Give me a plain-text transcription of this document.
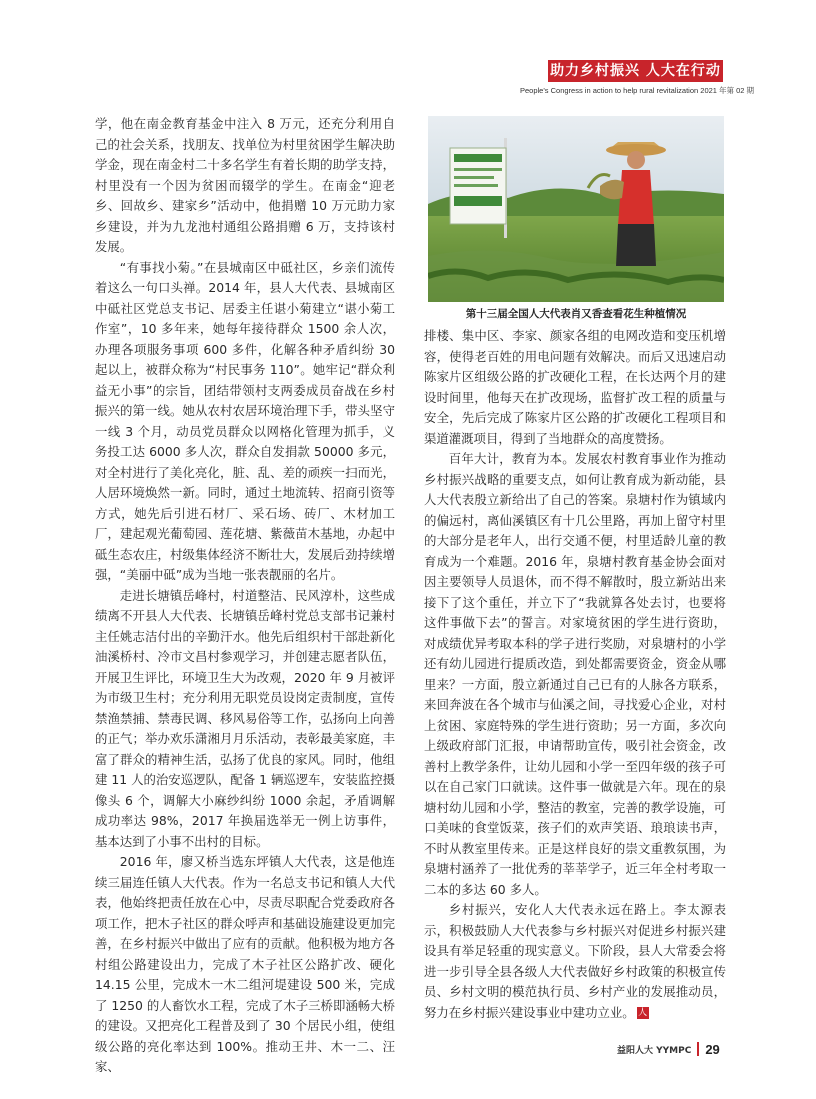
助力乡村振兴 人大在行动
People's Congress in action to help rural revitalization 2021 年第 02 期

学，他在南金教育基金中注入 8 万元，还充分利用自己的社会关系，找朋友、找单位为村里贫困学生解决助学金，现在南金村二十多名学生有着长期的助学支持，村里没有一个因为贫困而辍学的学生。在南金“迎老乡、回故乡、建家乡”活动中，他捐赠 10 万元助力家乡建设，并为九龙池村通组公路捐赠 6 万，支持该村发展。

“有事找小菊。”在县城南区中砥社区，乡亲们流传着这么一句口头禅。2014 年，县人大代表、县城南区中砥社区党总支书记、居委主任谌小菊建立“谌小菊工作室”，10 多年来，她每年接待群众 1500 余人次，办理各项服务事项 600 多件，化解各种矛盾纠纷 30 起以上，被群众称为“村民事务 110”。她牢记“群众利益无小事”的宗旨，团结带领村支两委成员奋战在乡村振兴的第一线。她从农村农居环境治理下手，带头坚守一线 3 个月，动员党员群众以网格化管理为抓手，义务投工达 6000 多人次，群众自发捐款 50000 多元，对全村进行了美化亮化，脏、乱、差的顽疾一扫而光，人居环境焕然一新。同时，通过土地流转、招商引资等方式，她先后引进石材厂、采石场、砖厂、木材加工厂，建起观光葡萄园、莲花塘、紫薇苗木基地，办起中砥生态农庄，村级集体经济不断壮大，发展后劲持续增强，“美丽中砥”成为当地一张表靓丽的名片。

走进长塘镇岳峰村，村道整洁、民风淳朴，这些成绩离不开县人大代表、长塘镇岳峰村党总支部书记兼村主任姚志洁付出的辛勤汗水。他先后组织村干部赴新化油溪桥村、冷市文昌村参观学习，并创建志愿者队伍，开展卫生评比，环境卫生大为改观，2020 年 9 月被评为市级卫生村；充分利用无职党员设岗定责制度，宣传禁渔禁捕、禁毒民调、移风易俗等工作，弘扬向上向善的正气；举办欢乐潇湘月月乐活动，表彰最美家庭，丰富了群众的精神生活，弘扬了优良的家风。同时，他组建 11 人的治安巡逻队，配备 1 辆巡逻车，安装监控摄像头 6 个，调解大小麻纱纠纷 1000 余起，矛盾调解成功率达 98%，2017 年换届选举无一例上访事件，基本达到了小事不出村的目标。

2016 年，廖又桥当选东坪镇人大代表，这是他连续三届连任镇人大代表。作为一名总支书记和镇人大代表，他始终把责任放在心中，尽责尽职配合党委政府各项工作，把木子社区的群众呼声和基础设施建设更加完善，在乡村振兴中做出了应有的贡献。他积极为地方各村组公路建设出力，完成了木子社区公路扩改、硬化 14.15 公里，完成木一木二组河堤建设 500 米，完成了 1250 的人畜饮水工程，完成了木子三桥即涵畅大桥的建设。又把亮化工程普及到了 30 个居民小组，使组级公路的亮化率达到 100%。推动王井、木一二、汪家、

第十三届全国人大代表肖又香查看花生种植情况

排楼、集中区、李家、颜家各组的电网改造和变压机增容，使得老百姓的用电问题有效解决。而后又迅速启动陈家片区组级公路的扩改硬化工程，在长达两个月的建设时间里，他每天在扩改现场，监督扩改工程的质量与安全，先后完成了陈家片区公路的扩改硬化工程项目和渠道灌溉项目，得到了当地群众的高度赞扬。

百年大计，教育为本。发展农村教育事业作为推动乡村振兴战略的重要支点，如何让教育成为新动能，县人大代表殷立新给出了自己的答案。泉塘村作为镇域内的偏远村，离仙溪镇区有十几公里路，再加上留守村里的大部分是老年人，出行交通不便，村里适龄儿童的教育成为一个难题。2016 年，泉塘村教育基金协会面对因主要领导人员退休，而不得不解散时，殷立新站出来接下了这个重任，并立下了“我就算各处去讨，也要将这件事做下去”的誓言。对家境贫困的学生进行资助，对成绩优异考取本科的学子进行奖励，对泉塘村的小学还有幼儿园进行提质改造，到处都需要资金，资金从哪里来？一方面，殷立新通过自己已有的人脉各方联系，来回奔波在各个城市与仙溪之间，寻找爱心企业，对村上贫困、家庭特殊的学生进行资助；另一方面，多次向上级政府部门汇报，申请帮助宣传，吸引社会资金，改善村上教学条件，让幼儿园和小学一至四年级的孩子可以在自己家门口就读。这件事一做就是六年。现在的泉塘村幼儿园和小学，整洁的教室，完善的教学设施，可口美味的食堂饭菜，孩子们的欢声笑语、琅琅读书声，不时从教室里传来。正是这样良好的崇文重教氛围，为泉塘村涵养了一批优秀的莘莘学子，近三年全村考取一二本的多达 60 多人。

乡村振兴，安化人大代表永远在路上。李太源表示，积极鼓励人大代表参与乡村振兴对促进乡村振兴建设具有举足轻重的现实意义。下阶段，县人大常委会将进一步引导全县各级人大代表做好乡村政策的积极宣传员、乡村文明的模范执行员、乡村产业的发展推动员，努力在乡村振兴建设事业中建功立业。 人

益阳人大 YYMPC 29
